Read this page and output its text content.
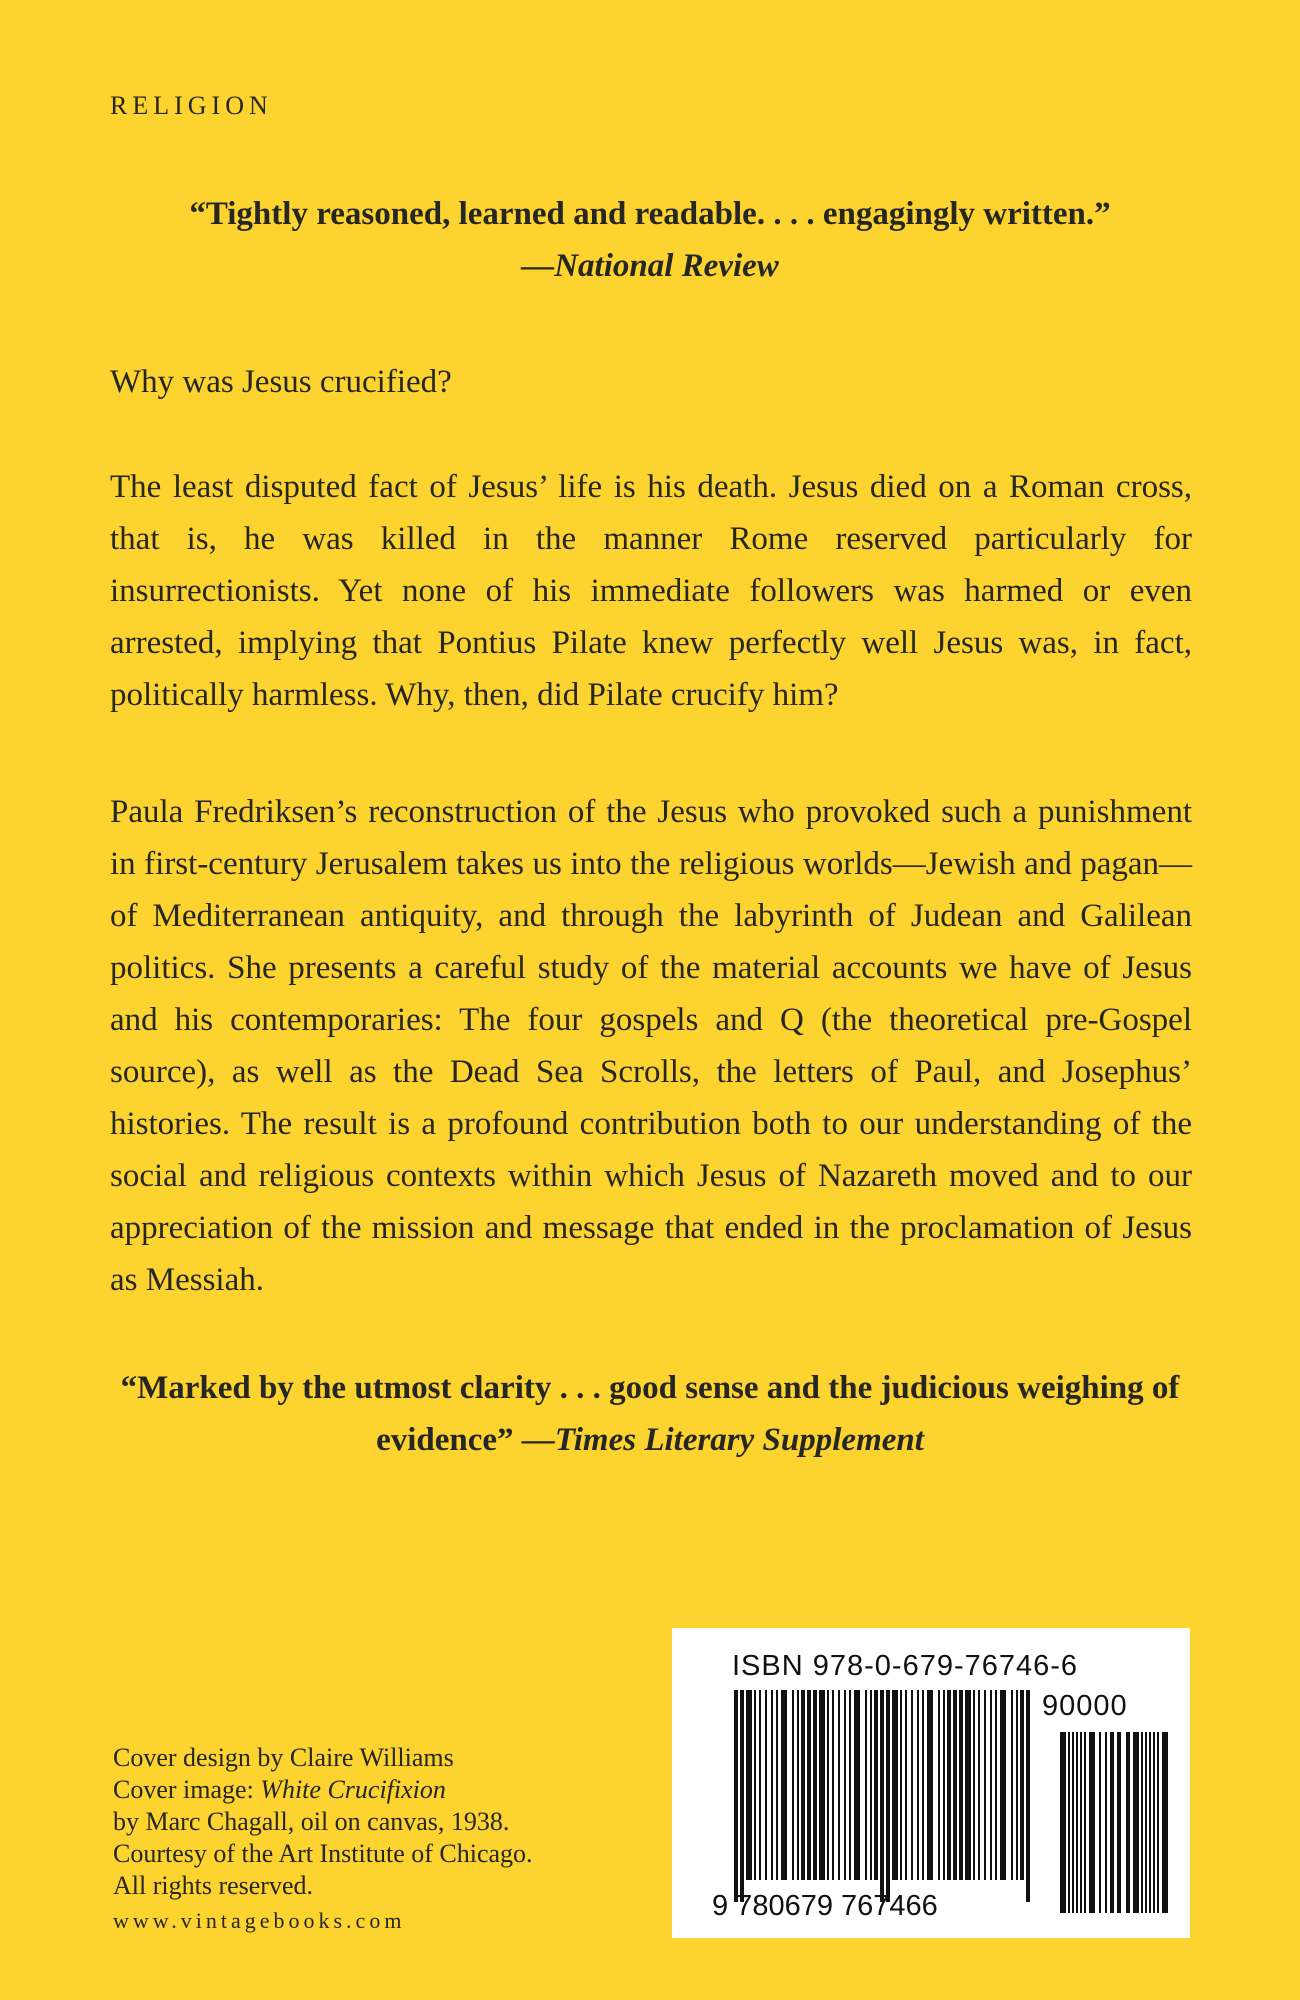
RELIGION
“Tightly reasoned, learned and readable. . . . engagingly written.”
—National Review

Why was Jesus crucified?

The least disputed fact of Jesus’ life is his death. Jesus died on a Roman cross, that is, he was killed in the manner Rome reserved particularly for insurrectionists. Yet none of his immediate followers was harmed or even arrested, implying that Pontius Pilate knew perfectly well Jesus was, in fact, politically harmless. Why, then, did Pilate crucify him?

Paula Fredriksen’s reconstruction of the Jesus who provoked such a punishment in first-century Jerusalem takes us into the religious worlds—Jewish and pagan—of Mediterranean antiquity, and through the labyrinth of Judean and Galilean politics. She presents a careful study of the material accounts we have of Jesus and his contemporaries: The four gospels and Q (the theoretical pre-Gospel source), as well as the Dead Sea Scrolls, the letters of Paul, and Josephus’ histories. The result is a profound contribution both to our understanding of the social and religious contexts within which Jesus of Nazareth moved and to our appreciation of the mission and message that ended in the proclamation of Jesus as Messiah.

“Marked by the utmost clarity . . . good sense and the judicious weighing of evidence” —Times Literary Supplement
Cover design by Claire Williams
Cover image: White Crucifixion
by Marc Chagall, oil on canvas, 1938.
Courtesy of the Art Institute of Chicago.
All rights reserved.
www.vintagebooks.com
ISBN 978-0-679-76746-6
90000
9 780679 767466
